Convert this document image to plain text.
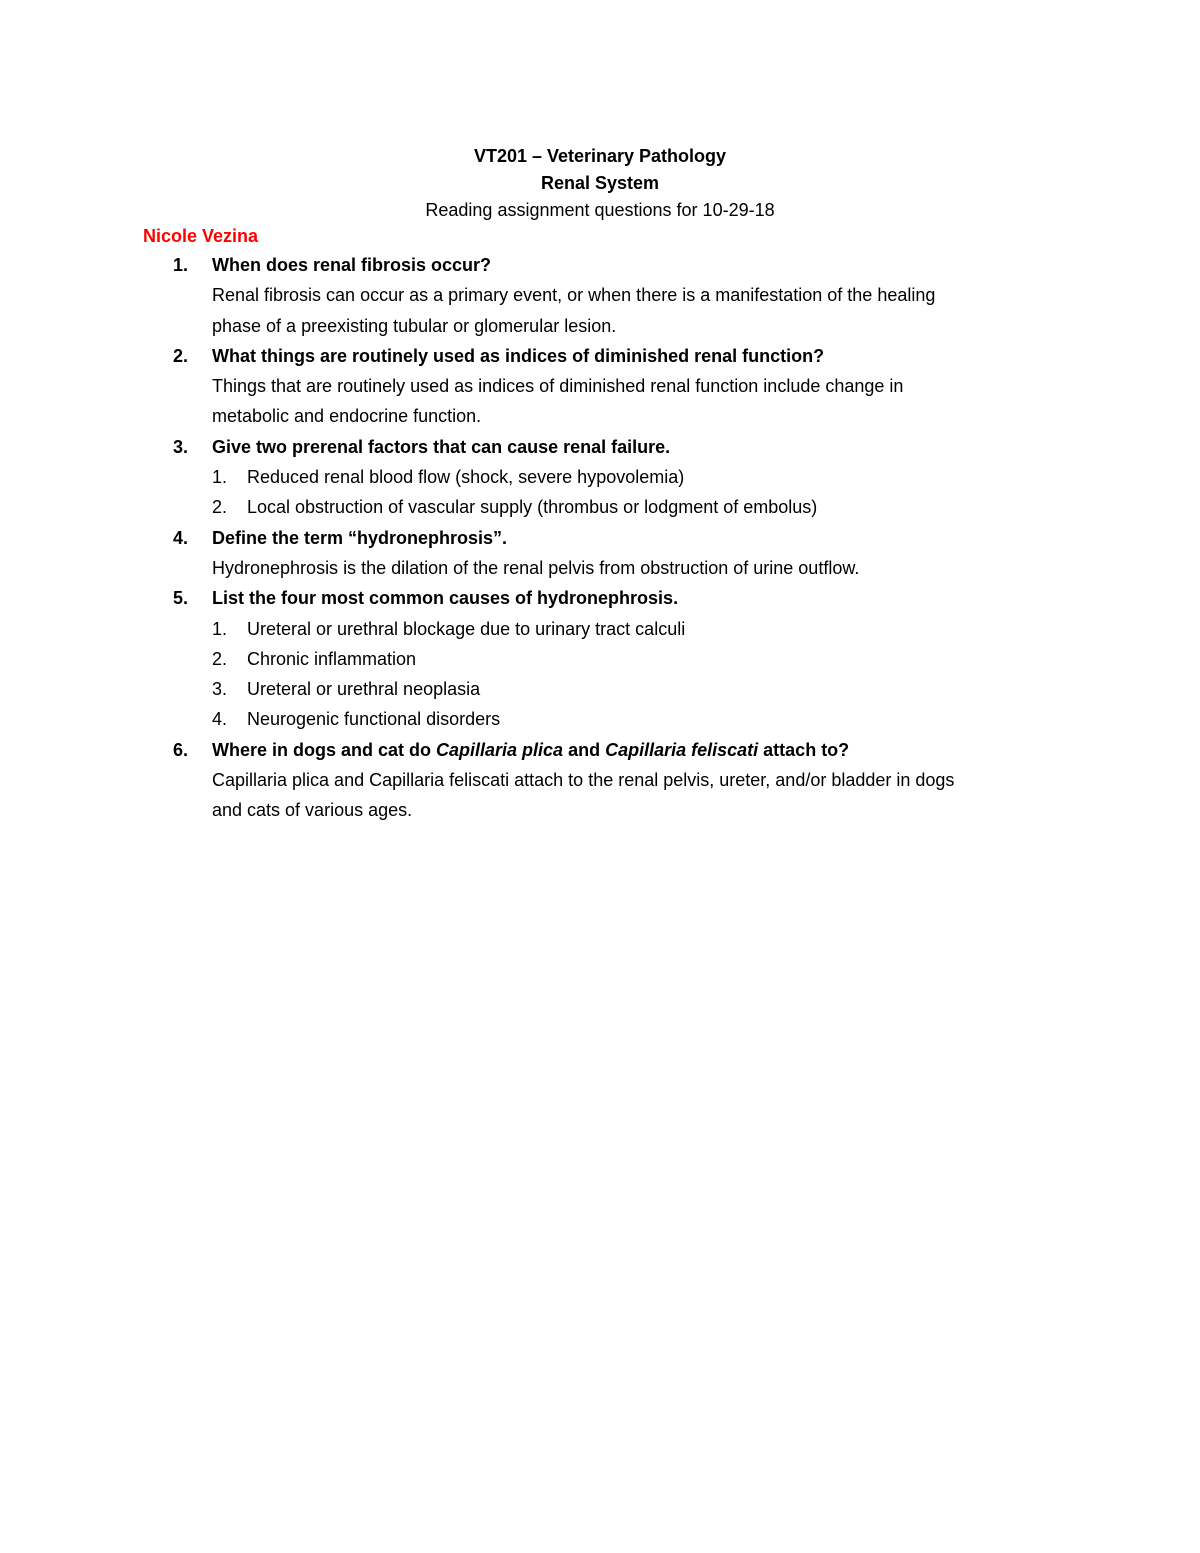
VT201 – Veterinary Pathology
Renal System
Reading assignment questions for 10-29-18
Nicole Vezina
1. When does renal fibrosis occur?
Renal fibrosis can occur as a primary event, or when there is a manifestation of the healing
phase of a preexisting tubular or glomerular lesion.
2. What things are routinely used as indices of diminished renal function?
Things that are routinely used as indices of diminished renal function include change in
metabolic and endocrine function.
3. Give two prerenal factors that can cause renal failure.
1. Reduced renal blood flow (shock, severe hypovolemia)
2. Local obstruction of vascular supply (thrombus or lodgment of embolus)
4. Define the term “hydronephrosis”.
Hydronephrosis is the dilation of the renal pelvis from obstruction of urine outflow.
5. List the four most common causes of hydronephrosis.
1. Ureteral or urethral blockage due to urinary tract calculi
2. Chronic inflammation
3. Ureteral or urethral neoplasia
4. Neurogenic functional disorders
6. Where in dogs and cat do Capillaria plica and Capillaria feliscati attach to?
Capillaria plica and Capillaria feliscati attach to the renal pelvis, ureter, and/or bladder in dogs
and cats of various ages.
